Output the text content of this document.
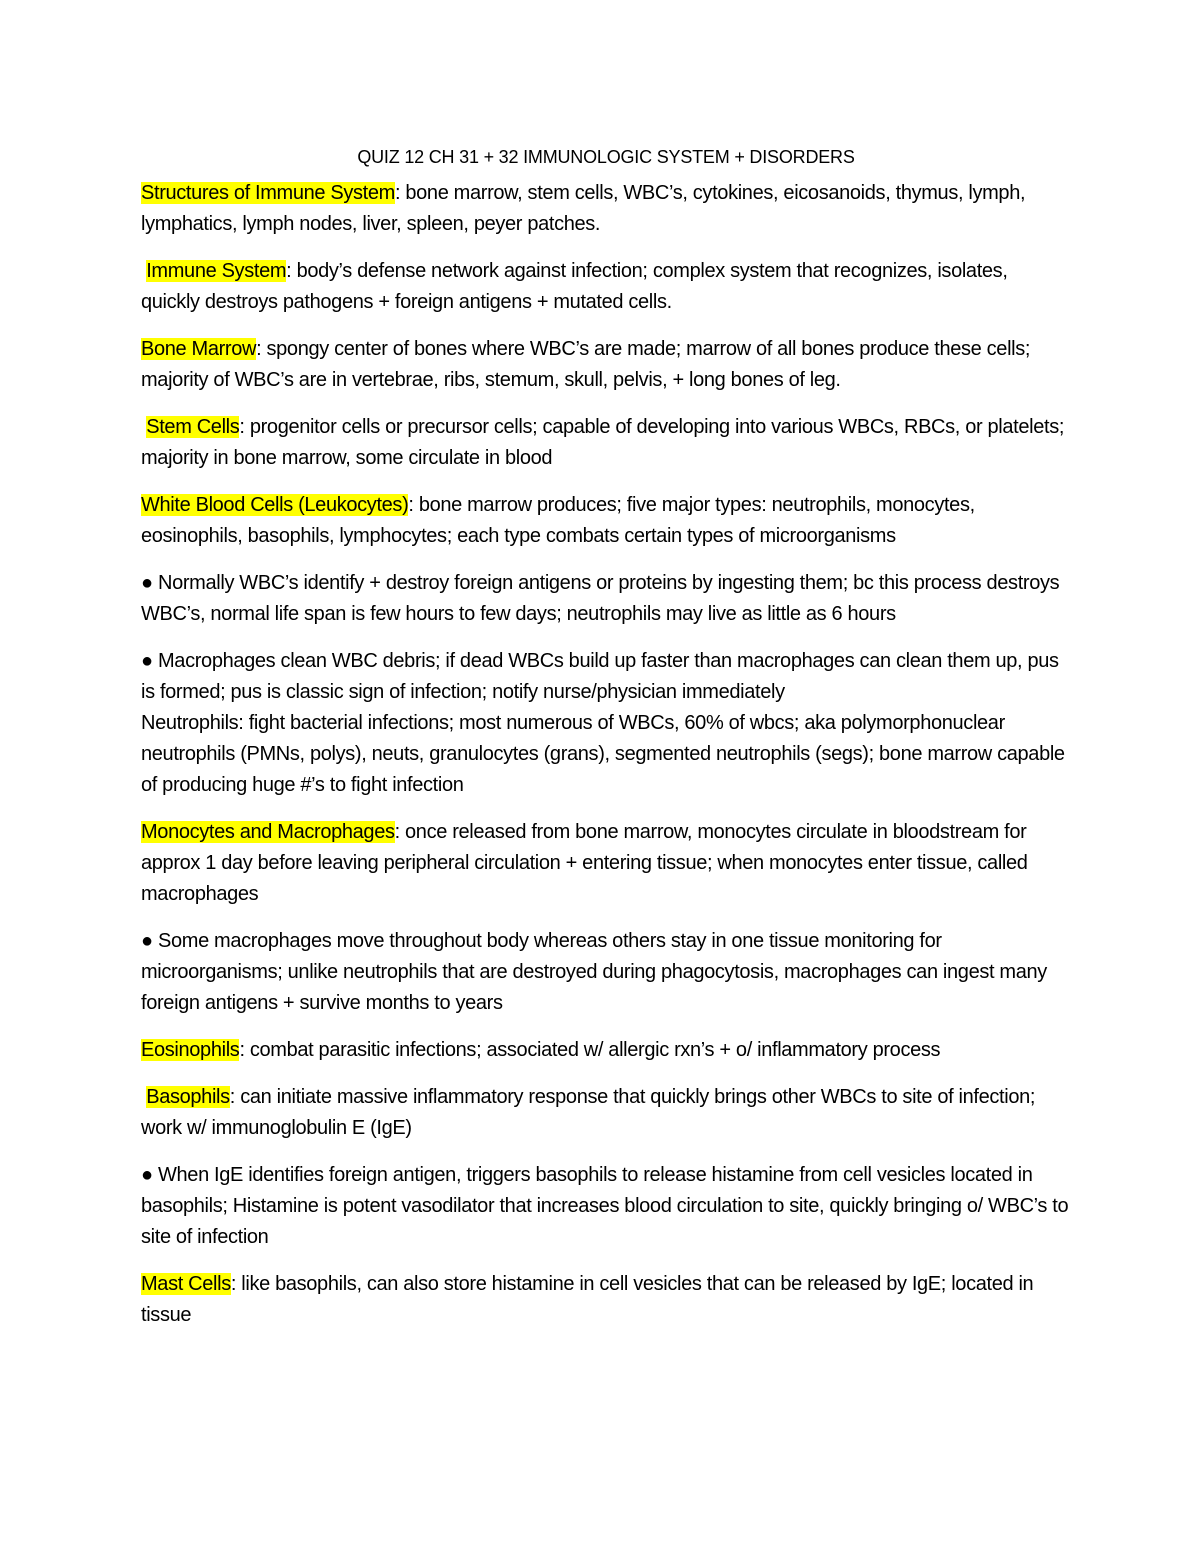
QUIZ 12 CH 31 + 32 IMMUNOLOGIC SYSTEM + DISORDERS

Structures of Immune System: bone marrow, stem cells, WBC’s, cytokines, eicosanoids, thymus, lymph, lymphatics, lymph nodes, liver, spleen, peyer patches.

Immune System: body’s defense network against infection; complex system that recognizes, isolates, quickly destroys pathogens + foreign antigens + mutated cells.

Bone Marrow: spongy center of bones where WBC’s are made; marrow of all bones produce these cells; majority of WBC’s are in vertebrae, ribs, stemum, skull, pelvis, + long bones of leg.

Stem Cells: progenitor cells or precursor cells; capable of developing into various WBCs, RBCs, or platelets; majority in bone marrow, some circulate in blood

White Blood Cells (Leukocytes): bone marrow produces; five major types: neutrophils, monocytes, eosinophils, basophils, lymphocytes; each type combats certain types of microorganisms

● Normally WBC’s identify + destroy foreign antigens or proteins by ingesting them; bc this process destroys WBC’s, normal life span is few hours to few days; neutrophils may live as little as 6 hours

● Macrophages clean WBC debris; if dead WBCs build up faster than macrophages can clean them up, pus is formed; pus is classic sign of infection; notify nurse/physician immediately

Neutrophils: fight bacterial infections; most numerous of WBCs, 60% of wbcs; aka polymorphonuclear neutrophils (PMNs, polys), neuts, granulocytes (grans), segmented neutrophils (segs); bone marrow capable of producing huge #’s to fight infection

Monocytes and Macrophages: once released from bone marrow, monocytes circulate in bloodstream for approx 1 day before leaving peripheral circulation + entering tissue; when monocytes enter tissue, called macrophages

● Some macrophages move throughout body whereas others stay in one tissue monitoring for microorganisms; unlike neutrophils that are destroyed during phagocytosis, macrophages can ingest many foreign antigens + survive months to years

Eosinophils: combat parasitic infections; associated w/ allergic rxn’s + o/ inflammatory process

Basophils: can initiate massive inflammatory response that quickly brings other WBCs to site of infection; work w/ immunoglobulin E (IgE)

● When IgE identifies foreign antigen, triggers basophils to release histamine from cell vesicles located in basophils; Histamine is potent vasodilator that increases blood circulation to site, quickly bringing o/ WBC’s to site of infection

Mast Cells: like basophils, can also store histamine in cell vesicles that can be released by IgE; located in tissue
